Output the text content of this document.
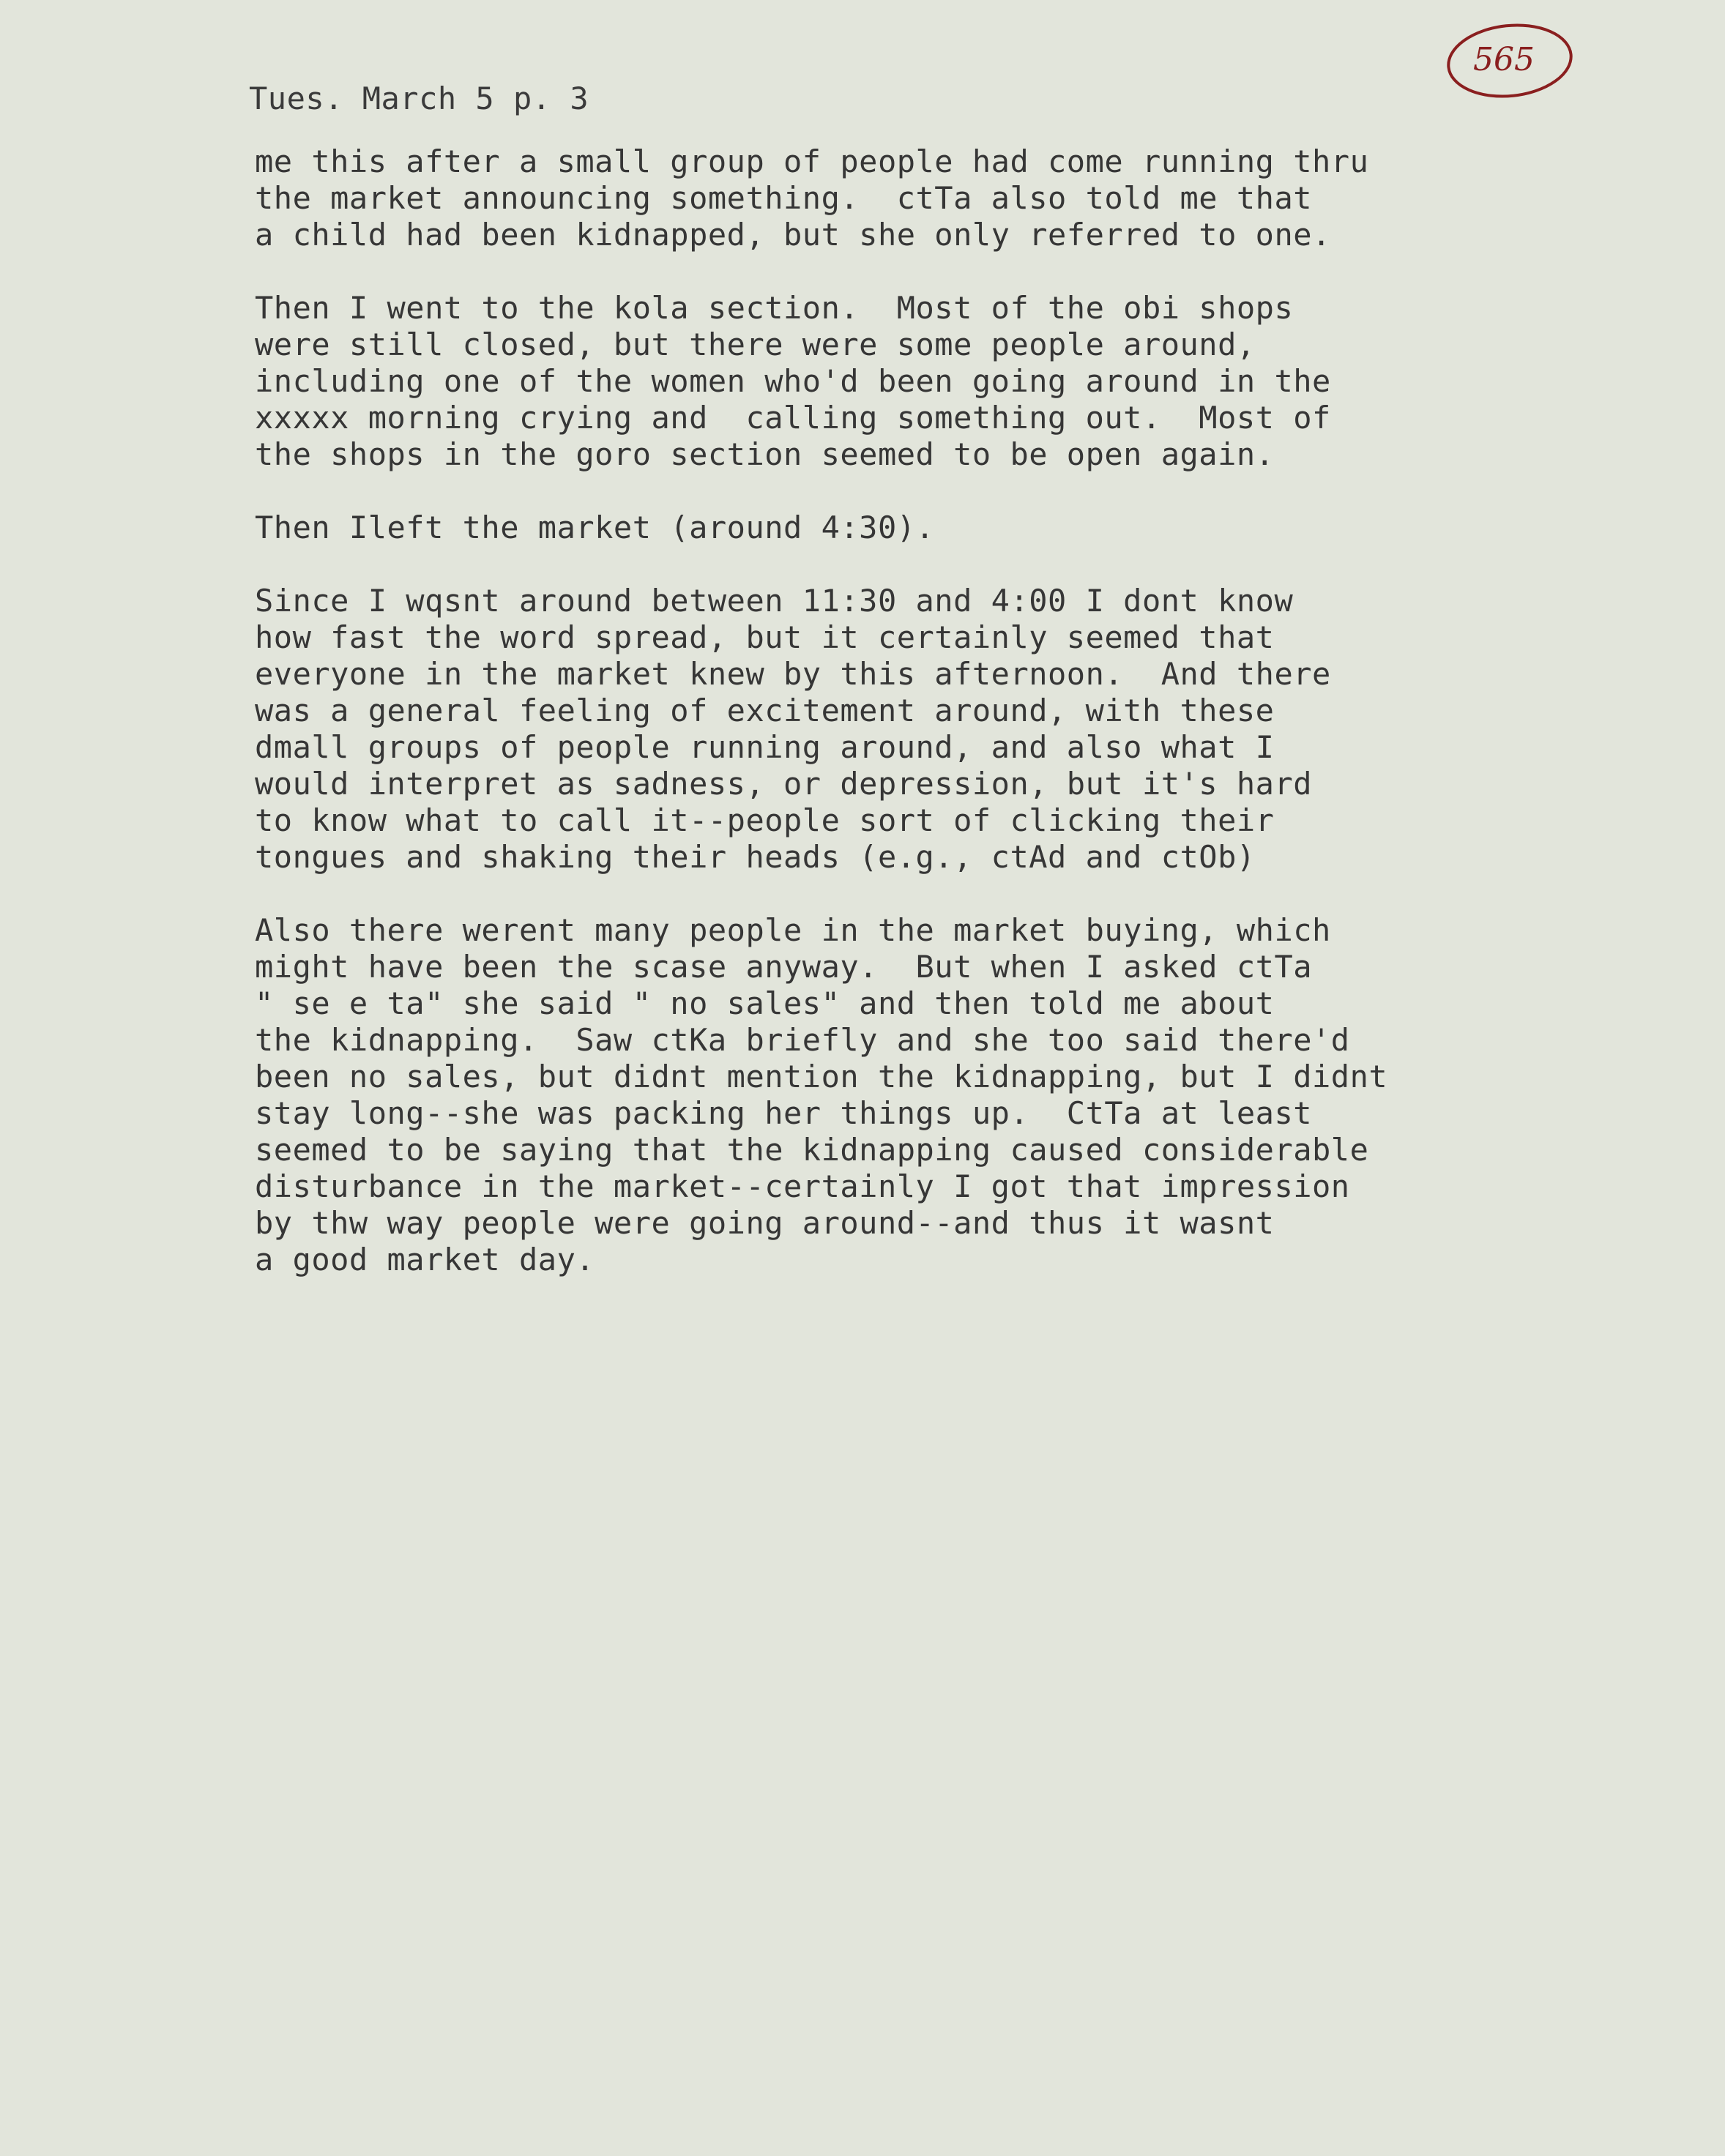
565
Tues. March 5 p. 3
me this after a small group of people had come running thru
the market announcing something.  ctTa also told me that
a child had been kidnapped, but she only referred to one.
Then I went to the kola section.  Most of the obi shops
were still closed, but there were some people around,
including one of the women who'd been going around in the
xxxxx morning crying and  calling something out.  Most of
the shops in the goro section seemed to be open again.
Then Ileft the market (around 4:30).
Since I wqsnt around between 11:30 and 4:00 I dont know
how fast the word spread, but it certainly seemed that
everyone in the market knew by this afternoon.  And there
was a general feeling of excitement around, with these
dmall groups of people running around, and also what I
would interpret as sadness, or depression, but it's hard
to know what to call it--people sort of clicking their
tongues and shaking their heads (e.g., ctAd and ctOb)
Also there werent many people in the market buying, which
might have been the scase anyway.  But when I asked ctTa
" se e ta" she said " no sales" and then told me about
the kidnapping.  Saw ctKa briefly and she too said there'd
been no sales, but didnt mention the kidnapping, but I didnt
stay long--she was packing her things up.  CtTa at least
seemed to be saying that the kidnapping caused considerable
disturbance in the market--certainly I got that impression
by thw way people were going around--and thus it wasnt
a good market day.
